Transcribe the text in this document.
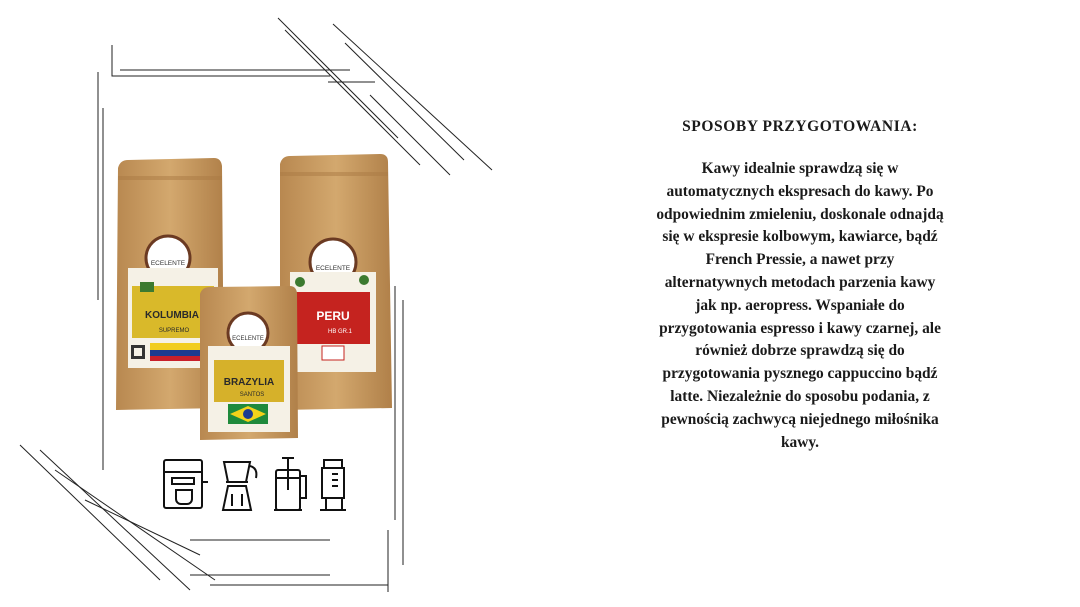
ECELENTE
KOLUMBIA
SUPREMO
ECELENTE
PERU
HB GR.1
ECELENTE
BRAZYLIA
SANTOS
SPOSOBY PRZYGOTOWANIA:

Kawy idealnie sprawdzą się w
automatycznych ekspresach do kawy. Po
odpowiednim zmieleniu, doskonale odnajdą
się w ekspresie kolbowym, kawiarce, bądź
French Pressie, a nawet przy
alternatywnych metodach parzenia kawy
jak np. aeropress. Wspaniałe do
przygotowania espresso i kawy czarnej, ale
również dobrze sprawdzą się do
przygotowania pysznego cappuccino bądź
latte. Niezależnie do sposobu podania, z
pewnością zachwycą niejednego miłośnika
kawy.
